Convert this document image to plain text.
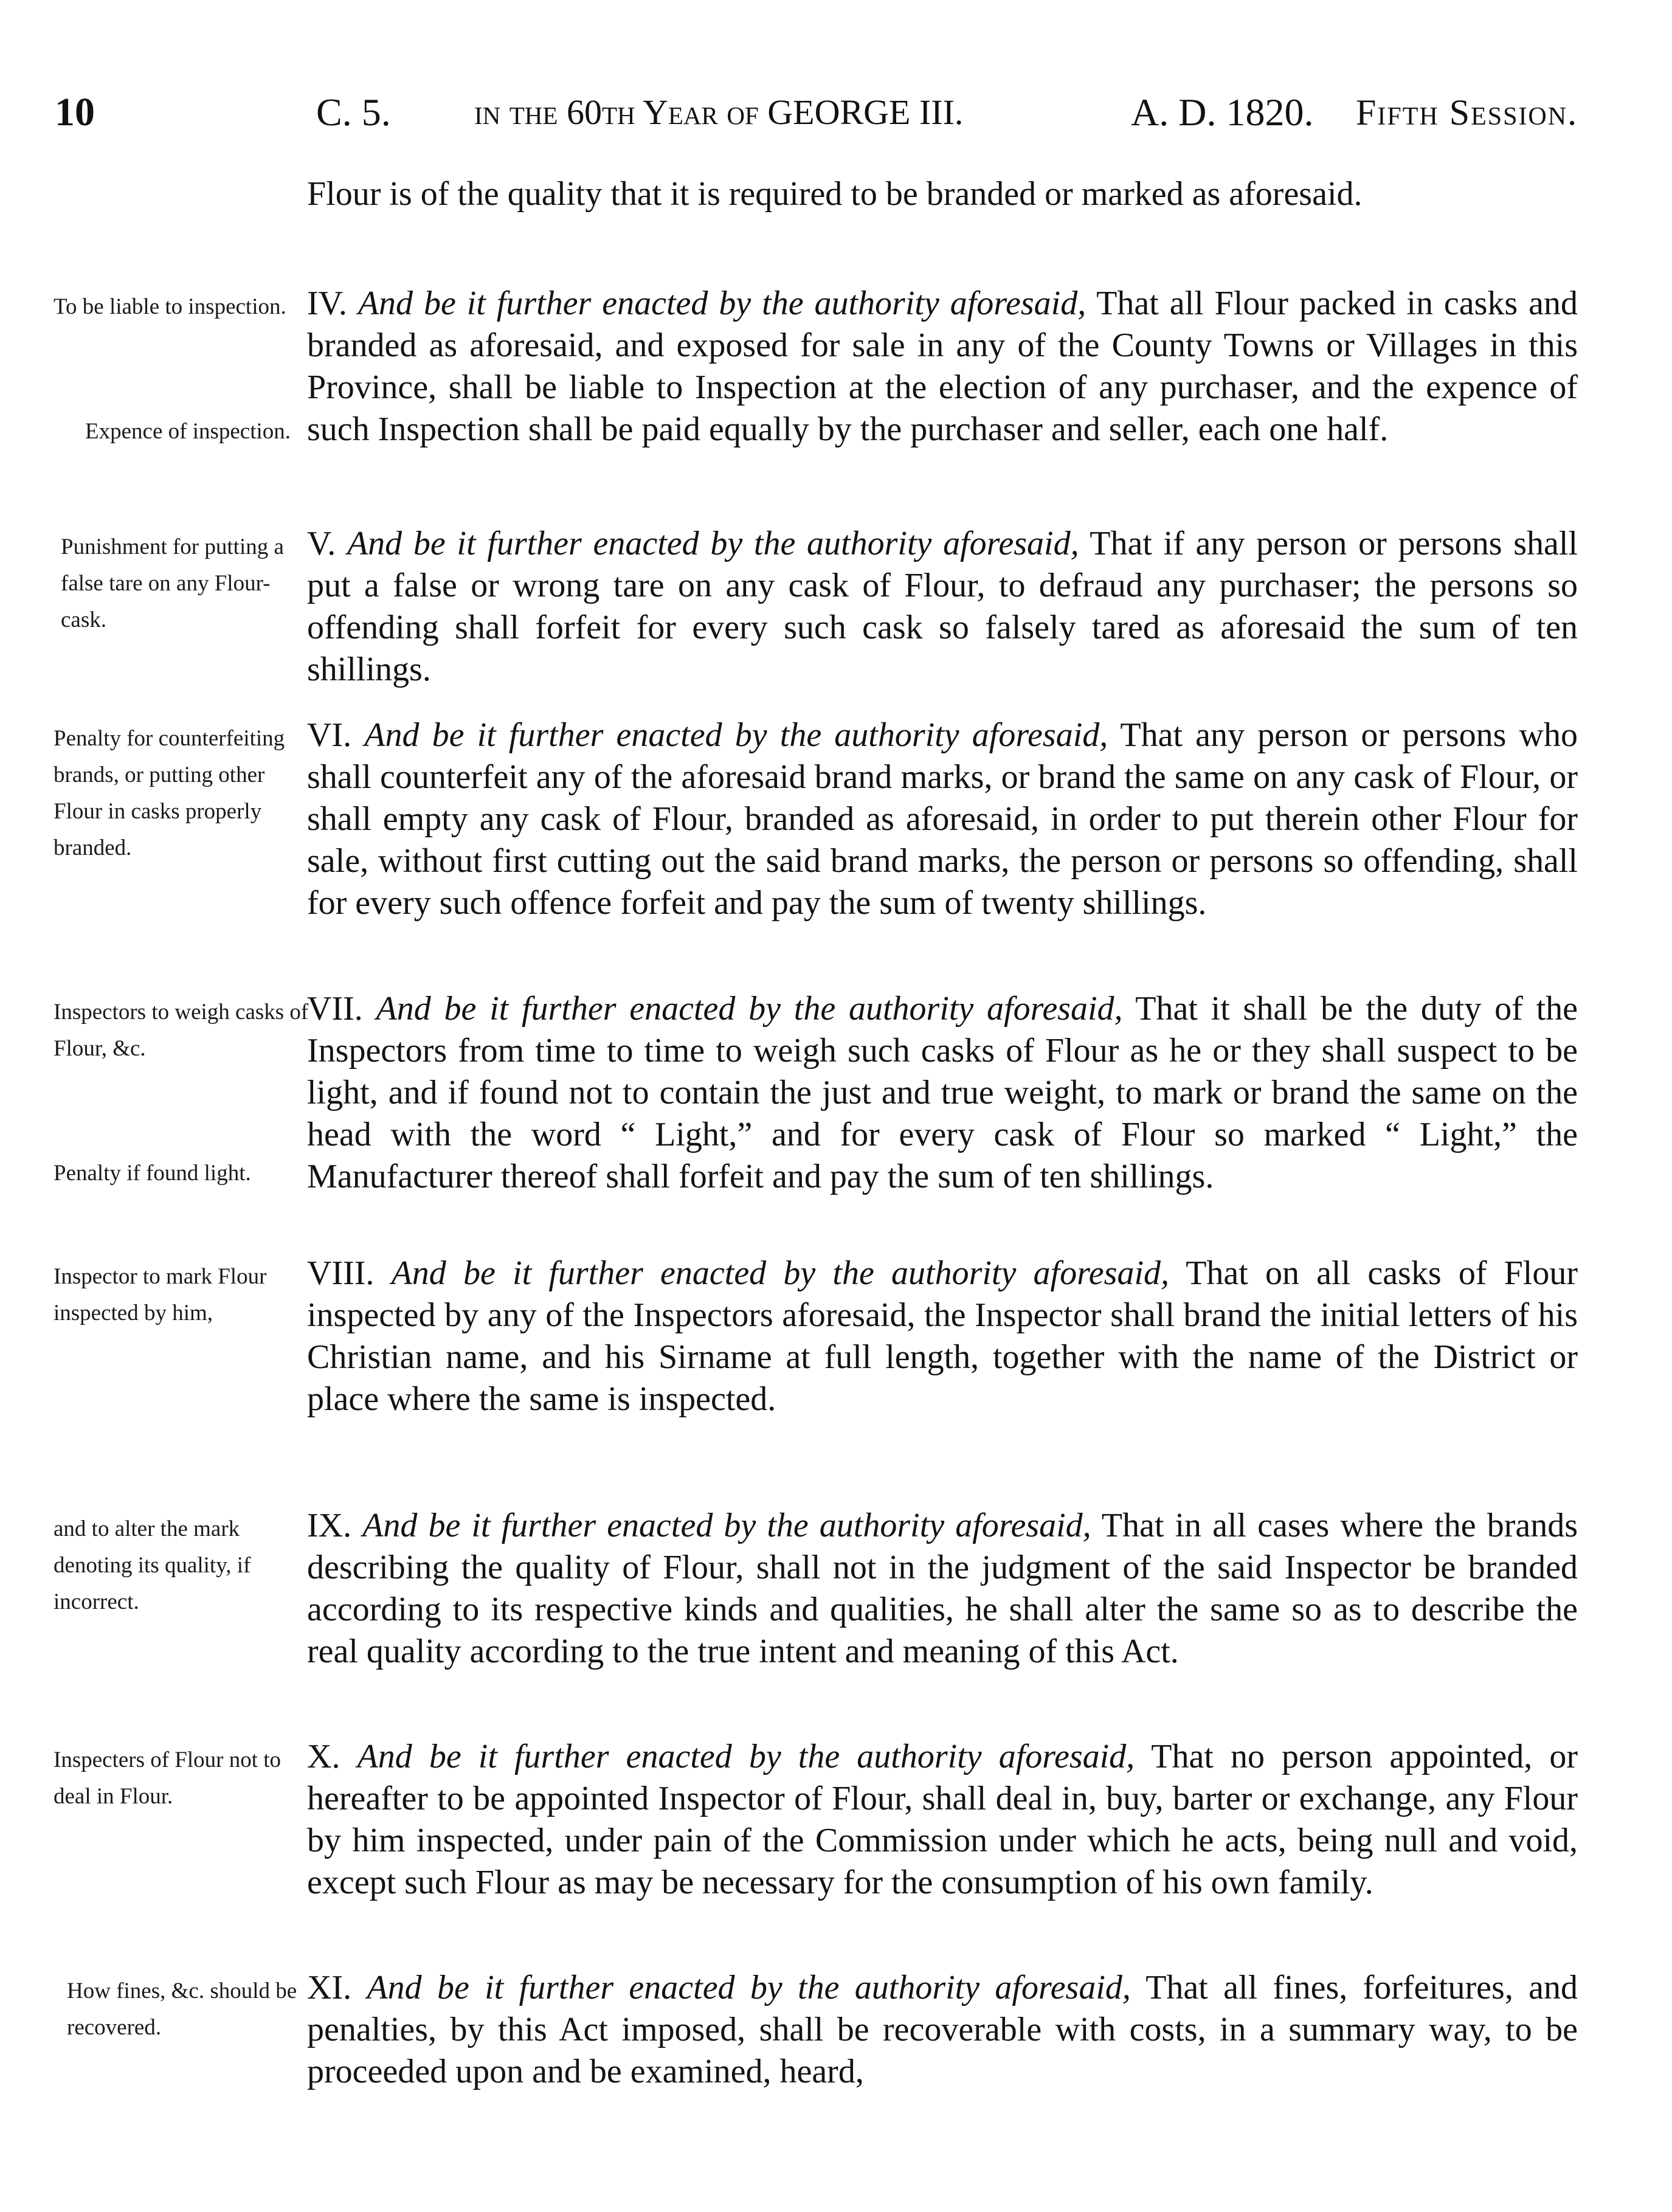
10	C. 5. in the 60th Year of GEORGE III.	A. D. 1820. Fifth Session.
Flour is of the quality that it is required to be branded or marked as aforesaid.
To be liable to inspection.
Expence of inspection.
IV. And be it further enacted by the authority aforesaid, That all Flour packed in casks and branded as aforesaid, and exposed for sale in any of the County Towns or Villages in this Province, shall be liable to Inspection at the election of any purchaser, and the expence of such Inspection shall be paid equally by the purchaser and seller, each one half.
Punishment for putting a false tare on any Flour-cask.
V. And be it further enacted by the authority aforesaid, That if any person or persons shall put a false or wrong tare on any cask of Flour, to defraud any purchaser; the persons so offending shall forfeit for every such cask so falsely tared as aforesaid the sum of ten shillings.
Penalty for counterfeiting brands, or putting other Flour in casks properly branded.
VI. And be it further enacted by the authority aforesaid, That any person or persons who shall counterfeit any of the aforesaid brand marks, or brand the same on any cask of Flour, or shall empty any cask of Flour, branded as aforesaid, in order to put therein other Flour for sale, without first cutting out the said brand marks, the person or persons so offending, shall for every such offence forfeit and pay the sum of twenty shillings.
Inspectors to weigh casks of Flour, &c.
Penalty if found light.
VII. And be it further enacted by the authority aforesaid, That it shall be the duty of the Inspectors from time to time to weigh such casks of Flour as he or they shall suspect to be light, and if found not to contain the just and true weight, to mark or brand the same on the head with the word “ Light,” and for every cask of Flour so marked “ Light,” the Manufacturer thereof shall forfeit and pay the sum of ten shillings.
Inspector to mark Flour inspected by him,
VIII. And be it further enacted by the authority aforesaid, That on all casks of Flour inspected by any of the Inspectors aforesaid, the Inspector shall brand the initial letters of his Christian name, and his Sirname at full length, together with the name of the District or place where the same is inspected.
and to alter the mark denoting its quality, if incorrect.
IX. And be it further enacted by the authority aforesaid, That in all cases where the brands describing the quality of Flour, shall not in the judgment of the said Inspector be branded according to its respective kinds and qualities, he shall alter the same so as to describe the real quality according to the true intent and meaning of this Act.
Inspecters of Flour not to deal in Flour.
X. And be it further enacted by the authority aforesaid, That no person appointed, or hereafter to be appointed Inspector of Flour, shall deal in, buy, barter or exchange, any Flour by him inspected, under pain of the Commission under which he acts, being null and void, except such Flour as may be necessary for the consumption of his own family.
How fines, &c. should be recovered.
XI. And be it further enacted by the authority aforesaid, That all fines, forfeitures, and penalties, by this Act imposed, shall be recoverable with costs, in a summary way, to be proceeded upon and be examined, heard,
